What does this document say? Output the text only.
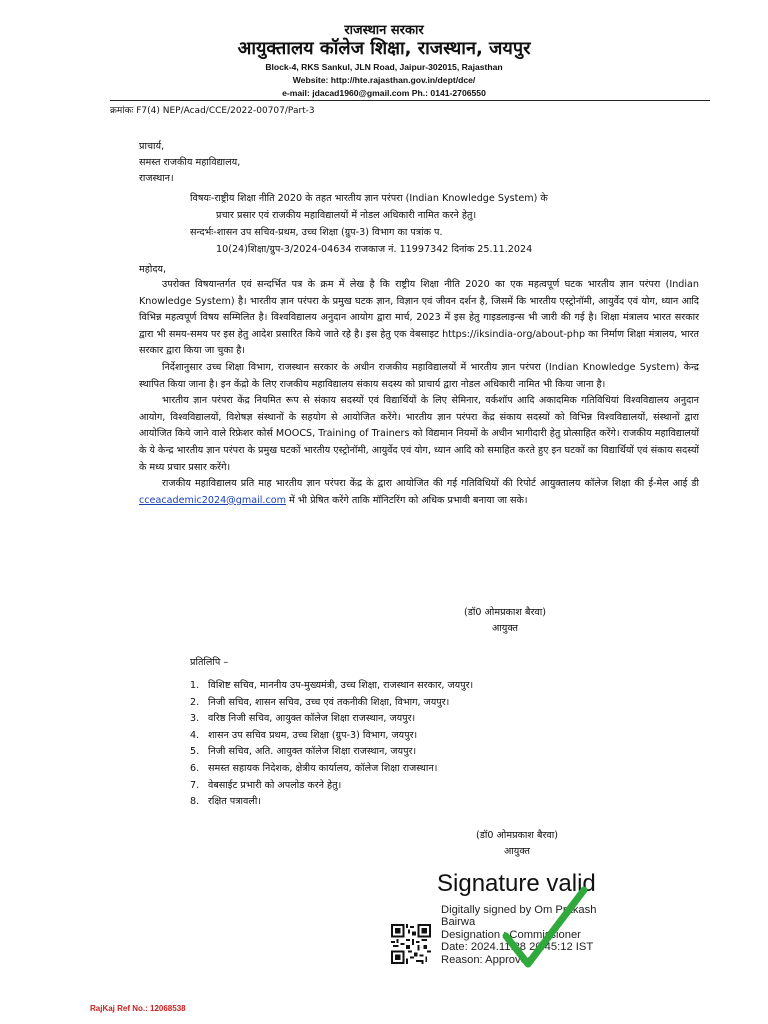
राजस्थान सरकार
आयुक्तालय कॉलेज शिक्षा, राजस्थान, जयपुर
Block-4, RKS Sankul, JLN Road, Jaipur-302015, Rajasthan
Website: http://hte.rajasthan.gov.in/dept/dce/
e-mail: jdacad1960@gmail.com Ph.: 0141-2706550
क्रमांकः F7(4) NEP/Acad/CCE/2022-00707/Part-3
प्राचार्य,
समस्त राजकीय महाविद्यालय,
राजस्थान।
विषयः-राष्ट्रीय शिक्षा नीति 2020 के तहत भारतीय ज्ञान परंपरा (Indian Knowledge System) के
प्रचार प्रसार एवं राजकीय महाविद्यालयों में नोडल अधिकारी नामित करने हेतु।
सन्दर्भः-शासन उप सचिव-प्रथम, उच्च शिक्षा (ग्रुप-3) विभाग का पत्रांक प.
10(24)शिक्षा/ग्रुप-3/2024-04634 राजकाज नं. 11997342 दिनांक 25.11.2024
महोदय,

उपरोक्त विषयान्तर्गत एवं सन्दर्भित पत्र के क्रम में लेख है कि राष्ट्रीय शिक्षा नीति 2020 का एक महत्वपूर्ण घटक भारतीय ज्ञान परंपरा (Indian Knowledge System) है। भारतीय ज्ञान परंपरा के प्रमुख घटक ज्ञान, विज्ञान एवं जीवन दर्शन है, जिसमें कि भारतीय एस्ट्रोनॉमी, आयुर्वेद एवं योग, ध्यान आदि विभिन्न महत्वपूर्ण विषय सम्मिलित है। विश्वविद्यालय अनुदान आयोग द्वारा मार्च, 2023 में इस हेतु गाइडलाइन्स भी जारी की गई है। शिक्षा मंत्रालय भारत सरकार द्वारा भी समय-समय पर इस हेतु आदेश प्रसारित किये जाते रहे है। इस हेतु एक वेबसाइट https://iksindia-org/about-php का निर्माण शिक्षा मंत्रालय, भारत सरकार द्वारा किया जा चुका है।

निर्देशानुसार उच्च शिक्षा विभाग, राजस्थान सरकार के अधीन राजकीय महाविद्यालयों में भारतीय ज्ञान परंपरा (Indian Knowledge System) केन्द्र स्थापित किया जाना है। इन केंद्रो के लिए राजकीय महाविद्यालय संकाय सदस्य को प्राचार्य द्वारा नोडल अधिकारी नामित भी किया जाना है।

भारतीय ज्ञान परंपरा केंद्र नियमित रूप से संकाय सदस्यों एवं विद्यार्थियों के लिए सेमिनार, वर्कशॉप आदि अकादमिक गतिविधियां विश्वविद्यालय अनुदान आयोग, विश्वविद्यालयों, विशेषज्ञ संस्थानों के सहयोग से आयोजित करेंगे। भारतीय ज्ञान परंपरा केंद्र संकाय सदस्यों को विभिन्न विश्वविद्यालयों, संस्थानों द्वारा आयोजित किये जाने वाले रिफ्रेशर कोर्स MOOCS, Training of Trainers को विद्यमान नियमों के अधीन भागीदारी हेतु प्रोत्साहित करेंगे। राजकीय महाविद्यालयों के ये केन्द्र भारतीय ज्ञान परंपरा के प्रमुख घटकों भारतीय एस्ट्रोनॉमी, आयुर्वेद एवं योग, ध्यान आदि को समाहित करते हुए इन घटकों का विद्यार्थियों एवं संकाय सदस्यों के मध्य प्रचार प्रसार करेंगे।

राजकीय महाविद्यालय प्रति माह भारतीय ज्ञान परंपरा केंद्र के द्वारा आयोजित की गई गतिविधियों की रिपोर्ट आयुक्तालय कॉलेज शिक्षा की ई-मेल आई डी cceacademic2024@gmail.com में भी प्रेषित करेंगे ताकि मॉनिटरिंग को अधिक प्रभावी बनाया जा सके।

(डॉ0 ओमप्रकाश बैरवा)
आयुक्त
प्रतिलिपि –
1. विशिष्ट सचिव, माननीय उप-मुख्यमंत्री, उच्च शिक्षा, राजस्थान सरकार, जयपुर।
2. निजी सचिव, शासन सचिव, उच्च एवं तकनीकी शिक्षा, विभाग, जयपुर।
3. वरिष्ठ निजी सचिव, आयुक्त कॉलेज शिक्षा राजस्थान, जयपुर।
4. शासन उप सचिव प्रथम, उच्च शिक्षा (ग्रुप-3) विभाग, जयपुर।
5. निजी सचिव, अति. आयुक्त कॉलेज शिक्षा राजस्थान, जयपुर।
6. समस्त सहायक निदेशक, क्षेत्रीय कार्यालय, कॉलेज शिक्षा राजस्थान।
7. वेबसाईट प्रभारी को अपलोड करने हेतु।
8. रक्षित पत्रावली।
(डॉ0 ओमप्रकाश बैरवा)
आयुक्त
Signature valid
Digitally signed by Om Prakash
Bairwa
Designation : Commissioner
Date: 2024.11.28 20:45:12 IST
Reason: Approved
RajKaj Ref No.: 12068538
